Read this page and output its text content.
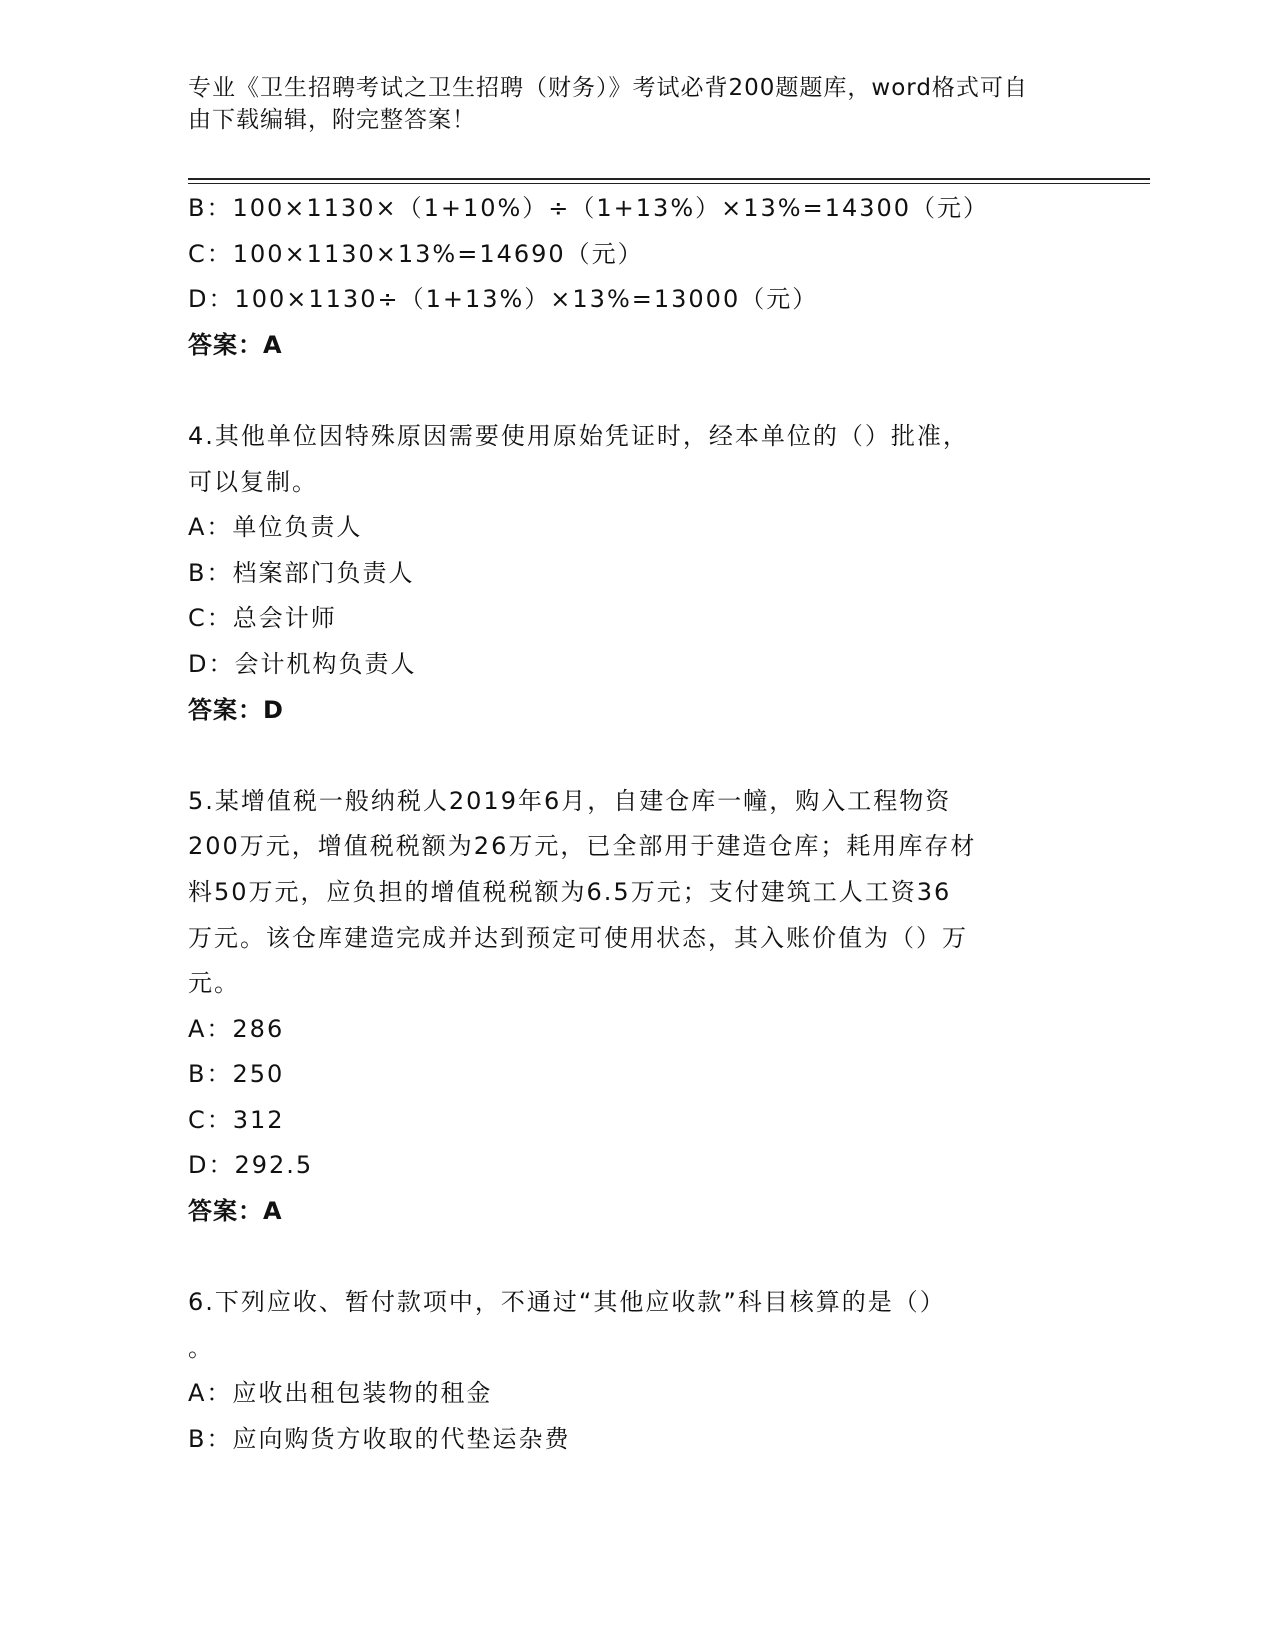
专业《卫生招聘考试之卫生招聘（财务）》考试必背200题题库，word格式可自
由下载编辑，附完整答案！
B：100×1130×（1+10%）÷（1+13%）×13%=14300（元）
C：100×1130×13%=14690（元）
D：100×1130÷（1+13%）×13%=13000（元）
答案：A
4.其他单位因特殊原因需要使用原始凭证时，经本单位的（）批准，
可以复制。
A：单位负责人
B：档案部门负责人
C：总会计师
D：会计机构负责人
答案：D
5.某增值税一般纳税人2019年6月，自建仓库一幢，购入工程物资
200万元，增值税税额为26万元，已全部用于建造仓库；耗用库存材
料50万元，应负担的增值税税额为6.5万元；支付建筑工人工资36
万元。该仓库建造完成并达到预定可使用状态，其入账价值为（）万
元。
A：286
B：250
C：312
D：292.5
答案：A
6.下列应收、暂付款项中，不通过“其他应收款”科目核算的是（）
。
A：应收出租包装物的租金
B：应向购货方收取的代垫运杂费
